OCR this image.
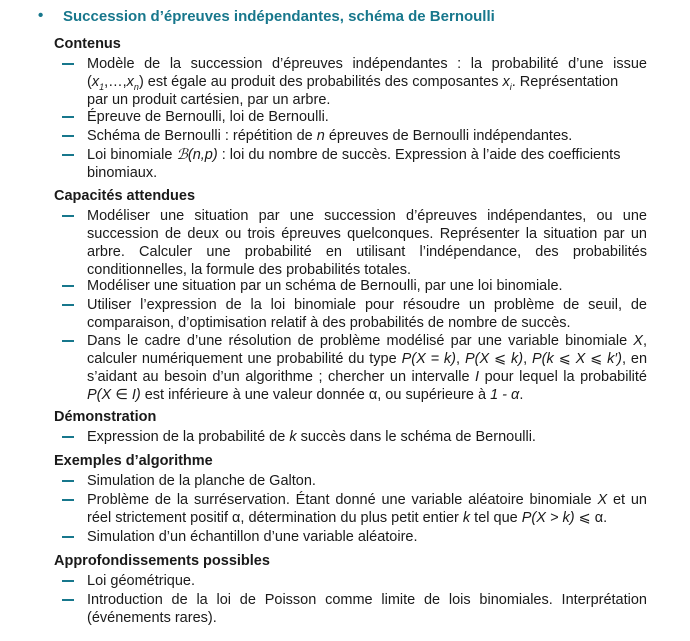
• Succession d’épreuves indépendantes, schéma de Bernoulli
Contenus
Modèle de la succession d’épreuves indépendantes : la probabilité d’une issue
$(x_1,\dots,x_n)$ est égale au produit des probabilités des composantes $x_i$. Représentation
par un produit cartésien, par un arbre.
Épreuve de Bernoulli, loi de Bernoulli.
Schéma de Bernoulli : répétition de n épreuves de Bernoulli indépendantes.
Loi binomiale ℬ(n,p) : loi du nombre de succès. Expression à l’aide des coefficients
binomiaux.
Capacités attendues
Modéliser une situation par une succession d’épreuves indépendantes, ou une
succession de deux ou trois épreuves quelconques. Représenter la situation par un
arbre. Calculer une probabilité en utilisant l’indépendance, des probabilités
conditionnelles, la formule des probabilités totales.
Modéliser une situation par un schéma de Bernoulli, par une loi binomiale.
Utiliser l’expression de la loi binomiale pour résoudre un problème de seuil, de
comparaison, d’optimisation relatif à des probabilités de nombre de succès.
Dans le cadre d’une résolution de problème modélisé par une variable binomiale X,
calculer numériquement une probabilité du type P(X = k), P(X ⩽ k), P(k ⩽ X ⩽ k′), en
s’aidant au besoin d’un algorithme ; chercher un intervalle I pour lequel la probabilité
P(X ∈ I) est inférieure à une valeur donnée α, ou supérieure à 1 - α.
Démonstration
Expression de la probabilité de k succès dans le schéma de Bernoulli.
Exemples d’algorithme
Simulation de la planche de Galton.
Problème de la surréservation. Étant donné une variable aléatoire binomiale X et un
réel strictement positif α, détermination du plus petit entier k tel que P(X > k) ⩽ α.
Simulation d’un échantillon d’une variable aléatoire.
Approfondissements possibles
Loi géométrique.
Introduction de la loi de Poisson comme limite de lois binomiales. Interprétation
(événements rares).
